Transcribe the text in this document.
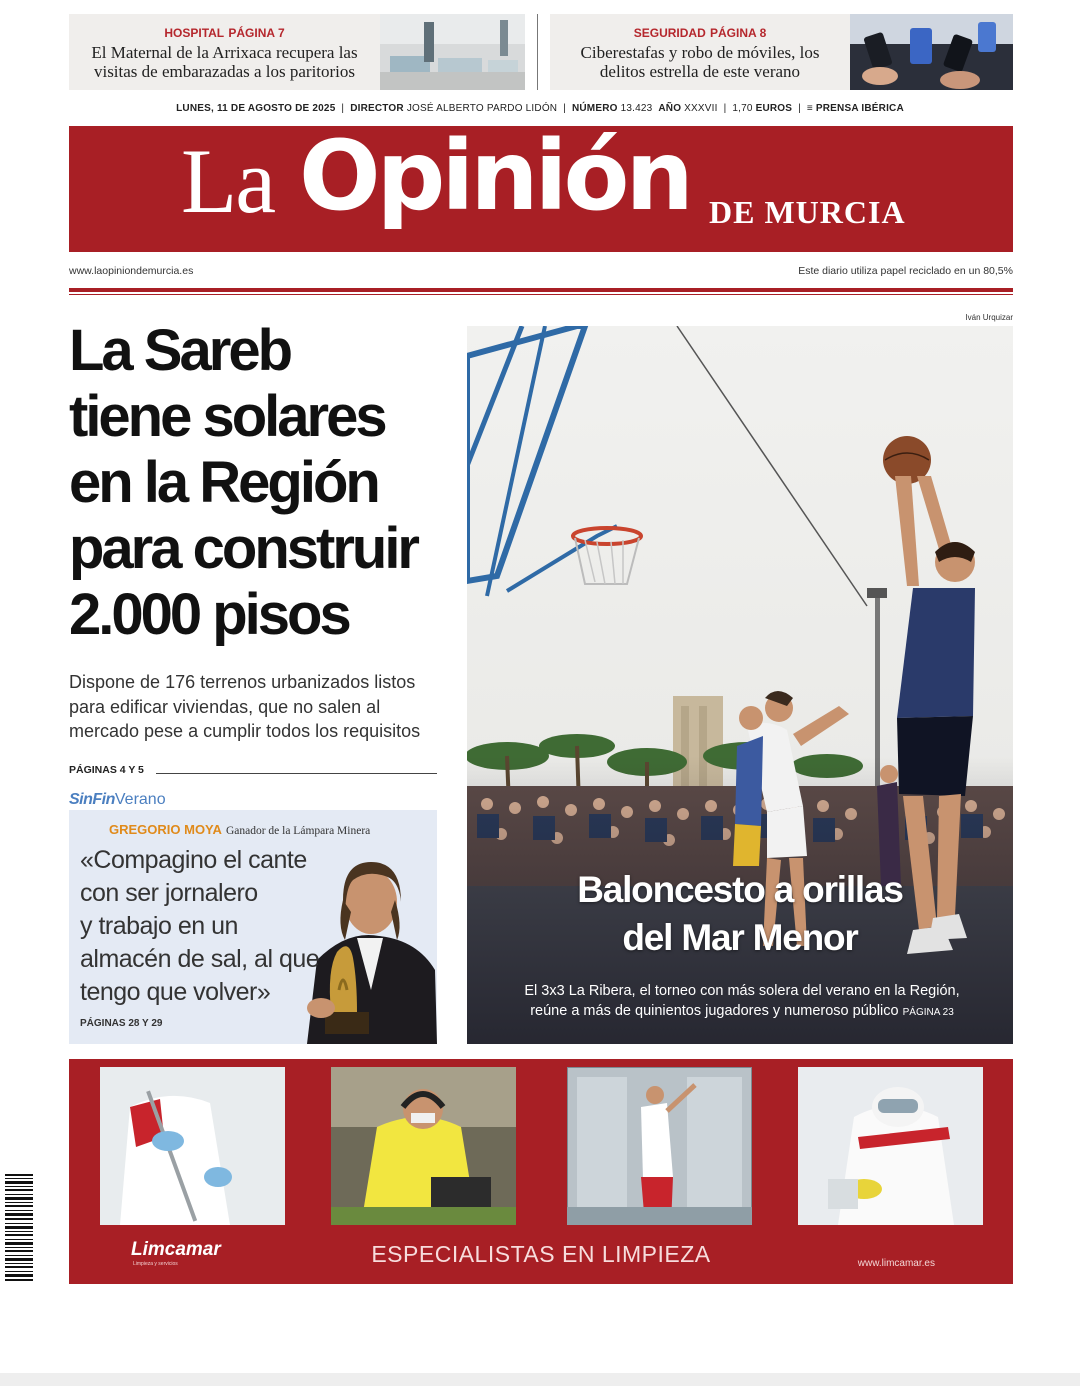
HOSPITAL PÁGINA 7
El Maternal de la Arrixaca recupera las
visitas de embarazadas a los paritorios
SEGURIDAD PÁGINA 8
Ciberestafas y robo de móviles, los
delitos estrella de este verano
LUNES, 11 DE AGOSTO DE 2025  |  DIRECTOR JOSÉ ALBERTO PARDO LIDÓN  |  NÚMERO 13.423 AÑO XXXVII  |  1,70 EUROS  |  ≡ PRENSA IBÉRICA
La Opinión DE MURCIA
www.laopiniondemurcia.es	Este diario utiliza papel reciclado en un 80,5%
La Sareb
tiene solares
en la Región
para construir
2.000 pisos
Dispone de 176 terrenos urbanizados listos para edificar viviendas, que no salen al mercado pese a cumplir todos los requisitos
PÁGINAS 4 Y 5
SinFinVerano
GREGORIO MOYA Ganador de la Lámpara Minera
«Compagino el cante
con ser jornalero
y trabajo en un
almacén de sal, al que
tengo que volver»
PÁGINAS 28 Y 29
Iván Urquizar
Baloncesto a orillas
del Mar Menor
El 3x3 La Ribera, el torneo con más solera del verano en la Región,
reúne a más de quinientos jugadores y numeroso público PÁGINA 23
Limcamar
Limpieza y servicios	ESPECIALISTAS EN LIMPIEZA	www.limcamar.es
